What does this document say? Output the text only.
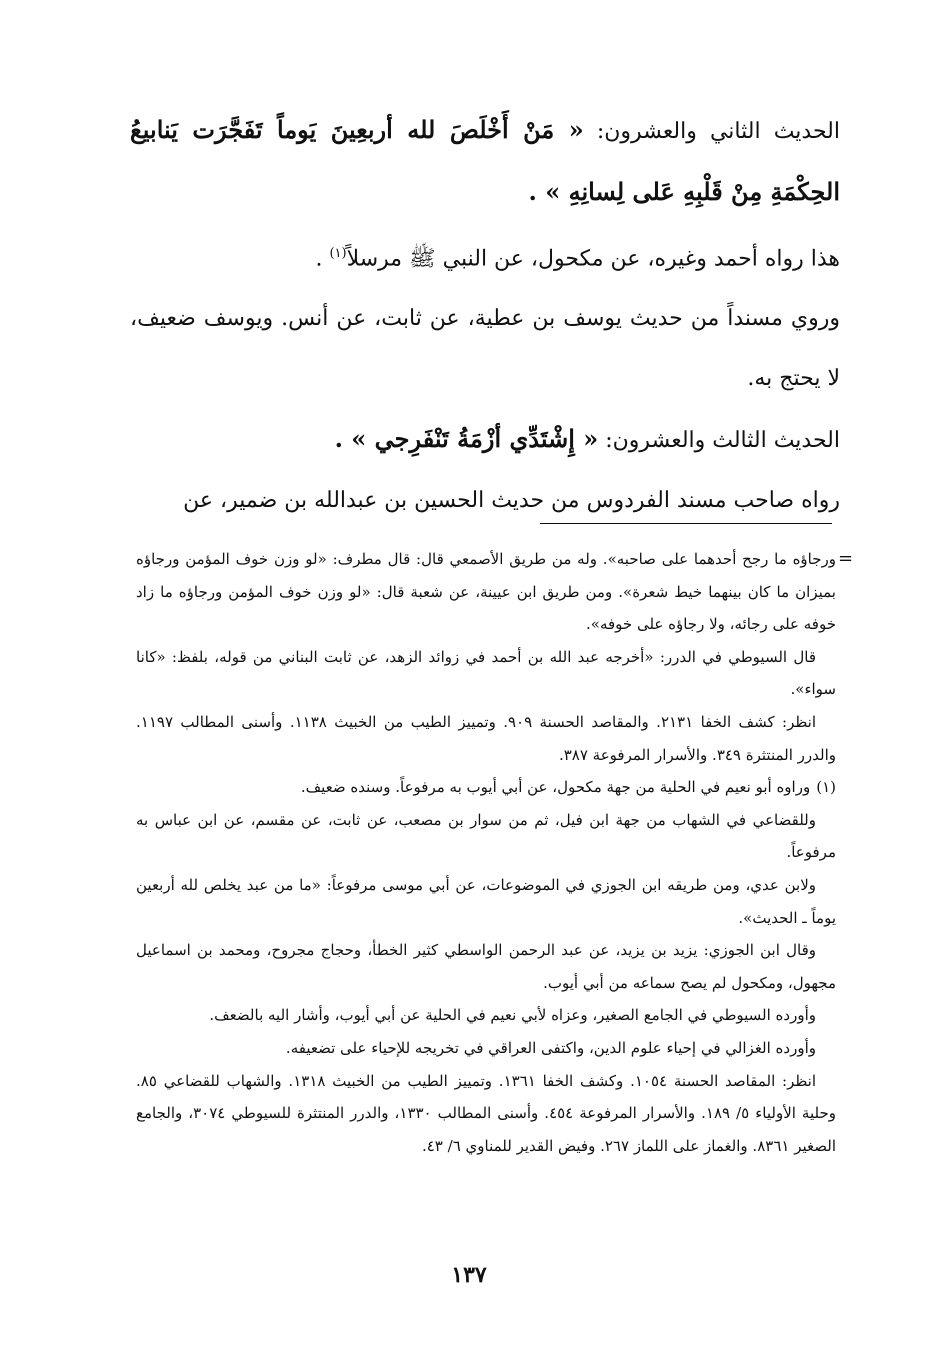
الحديث الثاني والعشرون: « مَنْ أَخْلَصَ لله أربعِينَ يَوماً تَفَجَّرَت يَنابيعُ الحِكْمَةِ مِنْ قَلْبِهِ عَلى لِسانِهِ » .

هذا رواه أحمد وغيره، عن مكحول، عن النبي ﷺ مرسلاً$^{(١)}$ .

وروي مسنداً من حديث يوسف بن عطية، عن ثابت، عن أنس. ويوسف ضعيف، لا يحتج به.

الحديث الثالث والعشرون: « إِشْتَدِّي أزْمَةُ تَنْفَرِجي » .

رواه صاحب مسند الفردوس من حديث الحسين بن عبدالله بن ضمير، عن

=

ورجاؤه ما رجح أحدهما على صاحبه». وله من طريق الأصمعي قال: قال مطرف: «لو وزن خوف المؤمن ورجاؤه بميزان ما كان بينهما خيط شعرة». ومن طريق ابن عيينة، عن شعبة قال: «لو وزن خوف المؤمن ورجاؤه ما زاد خوفه على رجائه، ولا رجاؤه على خوفه».

قال السيوطي في الدرر: «أخرجه عبد الله بن أحمد في زوائد الزهد، عن ثابت البناني من قوله، بلفظ: «كانا سواء».

انظر: كشف الخفا ٢١٣١. والمقاصد الحسنة ٩٠٩. وتمييز الطيب من الخبيث ١١٣٨. وأسنى المطالب ١١٩٧. والدرر المنتثرة ٣٤٩. والأسرار المرفوعة ٣٨٧.

(١)وراوه أبو نعيم في الحلية من جهة مكحول، عن أبي أيوب به مرفوعاً. وسنده ضعيف.

وللقضاعي في الشهاب من جهة ابن فيل، ثم من سوار بن مصعب، عن ثابت، عن مقسم، عن ابن عباس به مرفوعاً.

ولابن عدي، ومن طريقه ابن الجوزي في الموضوعات، عن أبي موسى مرفوعاً: «ما من عبد يخلص لله أربعين يوماً ـ الحديث».

وقال ابن الجوزي: يزيد بن يزيد، عن عبد الرحمن الواسطي كثير الخطأ، وحجاج مجروح، ومحمد بن اسماعيل مجهول، ومكحول لم يصح سماعه من أبي أيوب.

وأورده السيوطي في الجامع الصغير، وعزاه لأبي نعيم في الحلية عن أبي أيوب، وأشار اليه بالضعف.

وأورده الغزالي في إحياء علوم الدين، واكتفى العراقي في تخريجه للإحياء على تضعيفه.

انظر: المقاصد الحسنة ١٠٥٤. وكشف الخفا ١٣٦١. وتمييز الطيب من الخبيث ١٣١٨. والشهاب للقضاعي ٨٥. وحلية الأولياء ٥/ ١٨٩. والأسرار المرفوعة ٤٥٤. وأسنى المطالب ١٣٣٠، والدرر المنتثرة للسيوطي ٣٠٧٤، والجامع الصغير ٨٣٦١. والغماز على اللماز ٢٦٧. وفيض القدير للمناوي ٦/ ٤٣.

١٣٧
